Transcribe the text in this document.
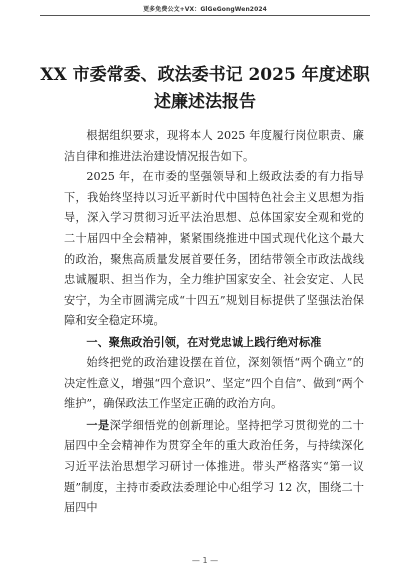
更多免费公文+VX：GlGeGongWen2024
XX 市委常委、政法委书记 2025 年度述职
述廉述法报告

根据组织要求，现将本人 2025 年度履行岗位职责、廉洁自律和推进法治建设情况报告如下。

2025 年，在市委的坚强领导和上级政法委的有力指导下，我始终坚持以习近平新时代中国特色社会主义思想为指导，深入学习贯彻习近平法治思想、总体国家安全观和党的二十届四中全会精神，紧紧围绕推进中国式现代化这个最大的政治，聚焦高质量发展首要任务，团结带领全市政法战线忠诚履职、担当作为，全力维护国家安全、社会安定、人民安宁，为全市圆满完成“十四五”规划目标提供了坚强法治保障和安全稳定环境。

一、聚焦政治引领，在对党忠诚上践行绝对标准

始终把党的政治建设摆在首位，深刻领悟“两个确立”的决定性意义，增强“四个意识”、坚定“四个自信”、做到“两个维护”，确保政法工作坚定正确的政治方向。

一是深学细悟党的创新理论。坚持把学习贯彻党的二十届四中全会精神作为贯穿全年的重大政治任务，与持续深化习近平法治思想学习研讨一体推进。带头严格落实“第一议题”制度，主持市委政法委理论中心组学习 12 次，围绕二十届四中

— 1 —
